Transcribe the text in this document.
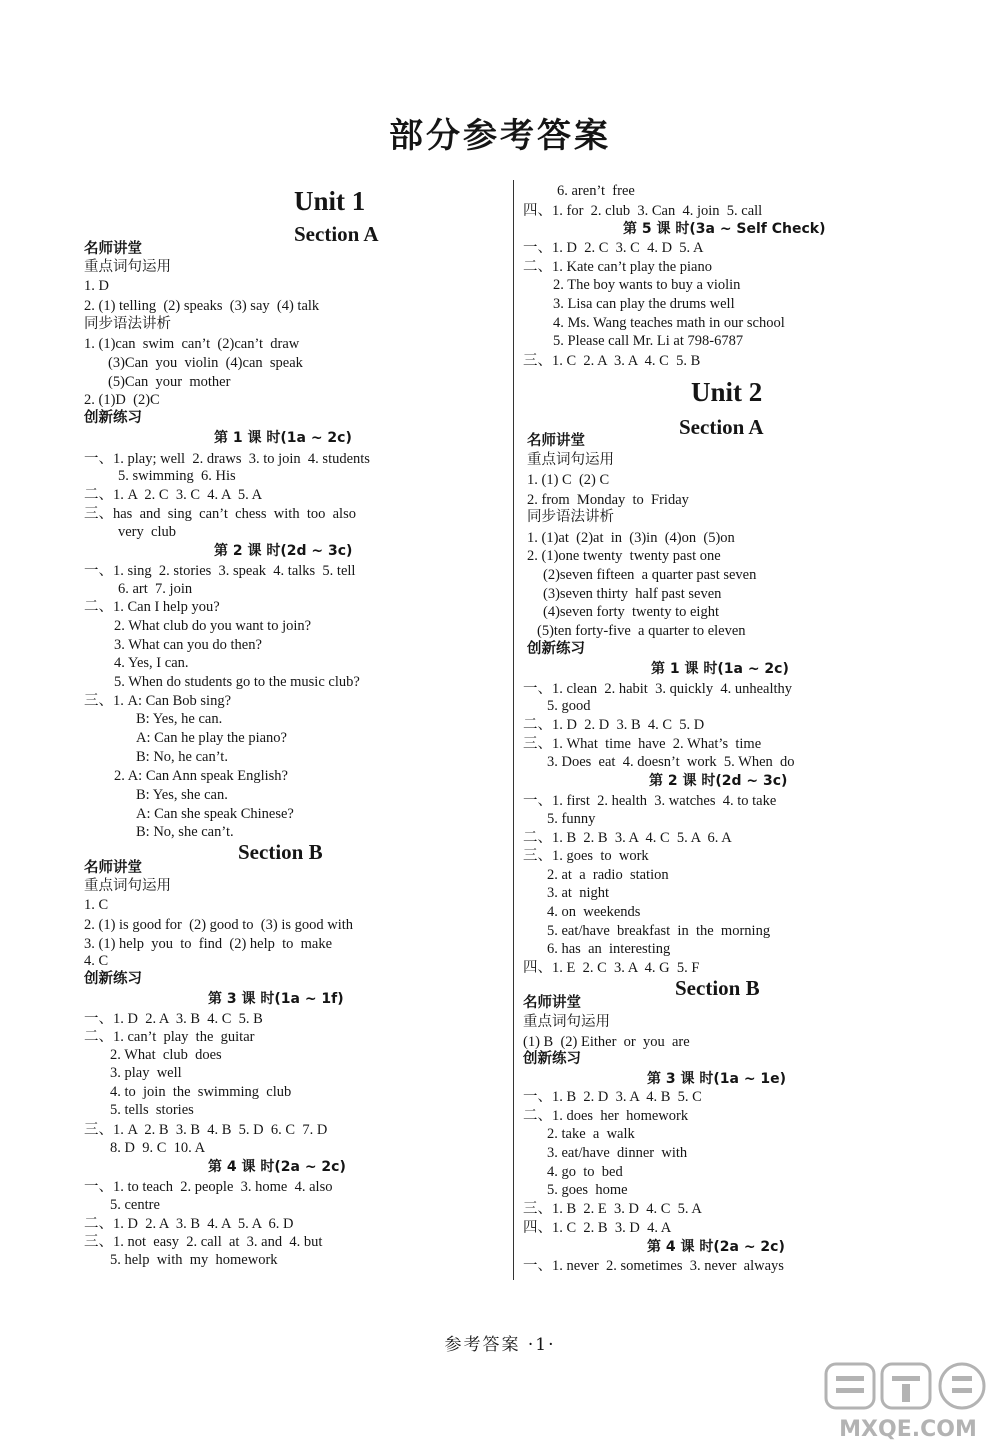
部分参考答案
Unit 1
Section A
名师讲堂
重点词句运用
1. D
2. (1) telling  (2) speaks  (3) say  (4) talk
同步语法讲析
1. (1)can  swim  can’t  (2)can’t  draw
(3)Can  you  violin  (4)can  speak
(5)Can  your  mother
2. (1)D  (2)C
创新练习
第 1 课 时(1a ~ 2c)
一、1. play; well  2. draws  3. to join  4. students
5. swimming  6. His
二、1. A  2. C  3. C  4. A  5. A
三、has  and  sing  can’t  chess  with  too  also
very  club
第 2 课 时(2d ~ 3c)
一、1. sing  2. stories  3. speak  4. talks  5. tell
6. art  7. join
二、1. Can I help you?
2. What club do you want to join?
3. What can you do then?
4. Yes, I can.
5. When do students go to the music club?
三、1. A: Can Bob sing?
B: Yes, he can.
A: Can he play the piano?
B: No, he can’t.
2. A: Can Ann speak English?
B: Yes, she can.
A: Can she speak Chinese?
B: No, she can’t.
Section B
名师讲堂
重点词句运用
1. C
2. (1) is good for  (2) good to  (3) is good with
3. (1) help  you  to  find  (2) help  to  make
4. C
创新练习
第 3 课 时(1a ~ 1f)
一、1. D  2. A  3. B  4. C  5. B
二、1. can’t  play  the  guitar
2. What  club  does
3. play  well
4. to  join  the  swimming  club
5. tells  stories
三、1. A  2. B  3. B  4. B  5. D  6. C  7. D
8. D  9. C  10. A
第 4 课 时(2a ~ 2c)
一、1. to teach  2. people  3. home  4. also
5. centre
二、1. D  2. A  3. B  4. A  5. A  6. D
三、1. not  easy  2. call  at  3. and  4. but
5. help  with  my  homework
6. aren’t  free
四、1. for  2. club  3. Can  4. join  5. call
第 5 课 时(3a ~ Self Check)
一、1. D  2. C  3. C  4. D  5. A
二、1. Kate can’t play the piano
2. The boy wants to buy a violin
3. Lisa can play the drums well
4. Ms. Wang teaches math in our school
5. Please call Mr. Li at 798-6787
三、1. C  2. A  3. A  4. C  5. B
Unit 2
Section A
名师讲堂
重点词句运用
1. (1) C  (2) C
2. from  Monday  to  Friday
同步语法讲析
1. (1)at  (2)at  in  (3)in  (4)on  (5)on
2. (1)one twenty  twenty past one
(2)seven fifteen  a quarter past seven
(3)seven thirty  half past seven
(4)seven forty  twenty to eight
(5)ten forty-five  a quarter to eleven
创新练习
第 1 课 时(1a ~ 2c)
一、1. clean  2. habit  3. quickly  4. unhealthy
5. good
二、1. D  2. D  3. B  4. C  5. D
三、1. What  time  have  2. What’s  time
3. Does  eat  4. doesn’t  work  5. When  do
第 2 课 时(2d ~ 3c)
一、1. first  2. health  3. watches  4. to take
5. funny
二、1. B  2. B  3. A  4. C  5. A  6. A
三、1. goes  to  work
2. at  a  radio  station
3. at  night
4. on  weekends
5. eat/have  breakfast  in  the  morning
6. has  an  interesting
四、1. E  2. C  3. A  4. G  5. F
Section B
名师讲堂
重点词句运用
(1) B  (2) Either  or  you  are
创新练习
第 3 课 时(1a ~ 1e)
一、1. B  2. D  3. A  4. B  5. C
二、1. does  her  homework
2. take  a  walk
3. eat/have  dinner  with
4. go  to  bed
5. goes  home
三、1. B  2. E  3. D  4. C  5. A
四、1. C  2. B  3. D  4. A
第 4 课 时(2a ~ 2c)
一、1. never  2. sometimes  3. never  always
参考答案 ·1·
MXQE.COM
